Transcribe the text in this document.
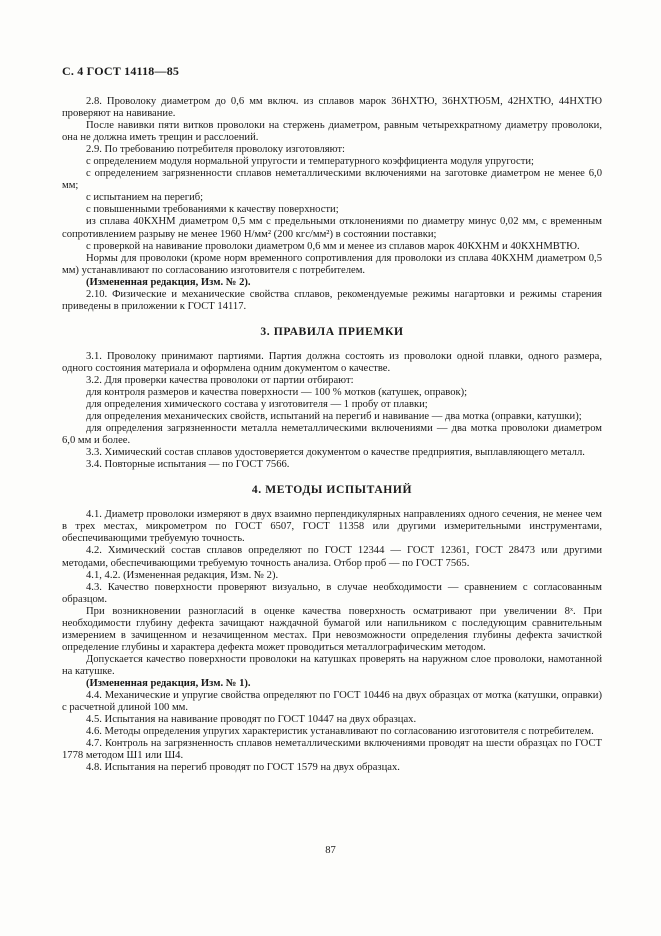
С. 4 ГОСТ 14118—85

2.8. Проволоку диаметром до 0,6 мм включ. из сплавов марок 36НХТЮ, 36НХТЮ5М, 42НХТЮ, 44НХТЮ проверяют на навивание.

После навивки пяти витков проволоки на стержень диаметром, равным четырехкратному диаметру проволоки, она не должна иметь трещин и расслоений.

2.9. По требованию потребителя проволоку изготовляют:

с определением модуля нормальной упругости и температурного коэффициента модуля упругости;

с определением загрязненности сплавов неметаллическими включениями на заготовке диаметром не менее 6,0 мм;

с испытанием на перегиб;

с повышенными требованиями к качеству поверхности;

из сплава 40КХНМ диаметром 0,5 мм с предельными отклонениями по диаметру минус 0,02 мм, с временным сопротивлением разрыву не менее 1960 Н/мм² (200 кгс/мм²) в состоянии поставки;

с проверкой на навивание проволоки диаметром 0,6 мм и менее из сплавов марок 40КХНМ и 40КХНМВТЮ.

Нормы для проволоки (кроме норм временного сопротивления для проволоки из сплава 40КХНМ диаметром 0,5 мм) устанавливают по согласованию изготовителя с потребителем.

(Измененная редакция, Изм. № 2).

2.10. Физические и механические свойства сплавов, рекомендуемые режимы нагартовки и режимы старения приведены в приложении к ГОСТ 14117.

3. ПРАВИЛА ПРИЕМКИ

3.1. Проволоку принимают партиями. Партия должна состоять из проволоки одной плавки, одного размера, одного состояния материала и оформлена одним документом о качестве.

3.2. Для проверки качества проволоки от партии отбирают:

для контроля размеров и качества поверхности — 100 % мотков (катушек, оправок);

для определения химического состава у изготовителя — 1 пробу от плавки;

для определения механических свойств, испытаний на перегиб и навивание — два мотка (оправки, катушки);

для определения загрязненности металла неметаллическими включениями — два мотка проволоки диаметром 6,0 мм и более.

3.3. Химический состав сплавов удостоверяется документом о качестве предприятия, выплавляющего металл.

3.4. Повторные испытания — по ГОСТ 7566.

4. МЕТОДЫ ИСПЫТАНИЙ

4.1. Диаметр проволоки измеряют в двух взаимно перпендикулярных направлениях одного сечения, не менее чем в трех местах, микрометром по ГОСТ 6507, ГОСТ 11358 или другими измерительными инструментами, обеспечивающими требуемую точность.

4.2. Химический состав сплавов определяют по ГОСТ 12344 — ГОСТ 12361, ГОСТ 28473 или другими методами, обеспечивающими требуемую точность анализа. Отбор проб — по ГОСТ 7565.

4.1, 4.2. (Измененная редакция, Изм. № 2).

4.3. Качество поверхности проверяют визуально, в случае необходимости — сравнением с согласованным образцом.

При возникновении разногласий в оценке качества поверхность осматривают при увеличении 8ˣ. При необходимости глубину дефекта зачищают наждачной бумагой или напильником с последующим сравнительным измерением в зачищенном и незачищенном местах. При невозможности определения глубины дефекта зачисткой определение глубины и характера дефекта может проводиться металлографическим методом.

Допускается качество поверхности проволоки на катушках проверять на наружном слое проволоки, намотанной на катушке.

(Измененная редакция, Изм. № 1).

4.4. Механические и упругие свойства определяют по ГОСТ 10446 на двух образцах от мотка (катушки, оправки) с расчетной длиной 100 мм.

4.5. Испытания на навивание проводят по ГОСТ 10447 на двух образцах.

4.6. Методы определения упругих характеристик устанавливают по согласованию изготовителя с потребителем.

4.7. Контроль на загрязненность сплавов неметаллическими включениями проводят на шести образцах по ГОСТ 1778 методом Ш1 или Ш4.

4.8. Испытания на перегиб проводят по ГОСТ 1579 на двух образцах.

87
